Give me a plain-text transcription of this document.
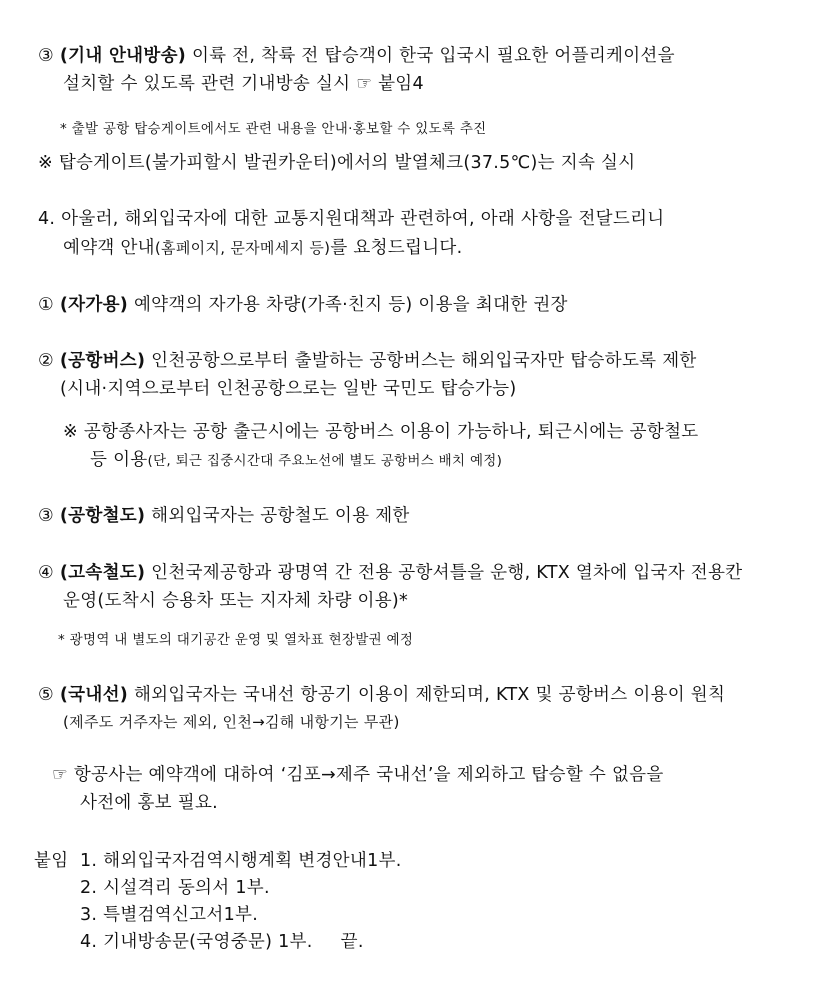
③ (기내 안내방송) 이륙 전, 착륙 전 탑승객이 한국 입국시 필요한 어플리케이션을
설치할 수 있도록 관련 기내방송 실시 ☞ 붙임4
* 출발 공항 탑승게이트에서도 관련 내용을 안내·홍보할 수 있도록 추진
※ 탑승게이트(불가피할시 발권카운터)에서의 발열체크(37.5℃)는 지속 실시
4. 아울러, 해외입국자에 대한 교통지원대책과 관련하여, 아래 사항을 전달드리니
예약객 안내(홈페이지, 문자메세지 등)를 요청드립니다.
① (자가용) 예약객의 자가용 차량(가족·친지 등) 이용을 최대한 권장
② (공항버스) 인천공항으로부터 출발하는 공항버스는 해외입국자만 탑승하도록 제한
(시내·지역으로부터 인천공항으로는 일반 국민도 탑승가능)
※ 공항종사자는 공항 출근시에는 공항버스 이용이 가능하나, 퇴근시에는 공항철도
등 이용(단, 퇴근 집중시간대 주요노선에 별도 공항버스 배치 예정)
③ (공항철도) 해외입국자는 공항철도 이용 제한
④ (고속철도) 인천국제공항과 광명역 간 전용 공항셔틀을 운행, KTX 열차에 입국자 전용칸
운영(도착시 승용차 또는 지자체 차량 이용)*
* 광명역 내 별도의 대기공간 운영 및 열차표 현장발권 예정
⑤ (국내선) 해외입국자는 국내선 항공기 이용이 제한되며, KTX 및 공항버스 이용이 원칙
(제주도 거주자는 제외, 인천→김해 내항기는 무관)
☞ 항공사는 예약객에 대하여 ‘김포→제주 국내선’을 제외하고 탑승할 수 없음을
사전에 홍보 필요.
붙임 1. 해외입국자검역시행계획 변경안내1부.
2. 시설격리 동의서 1부.
3. 특별검역신고서1부.
4. 기내방송문(국영중문) 1부. 끝.
